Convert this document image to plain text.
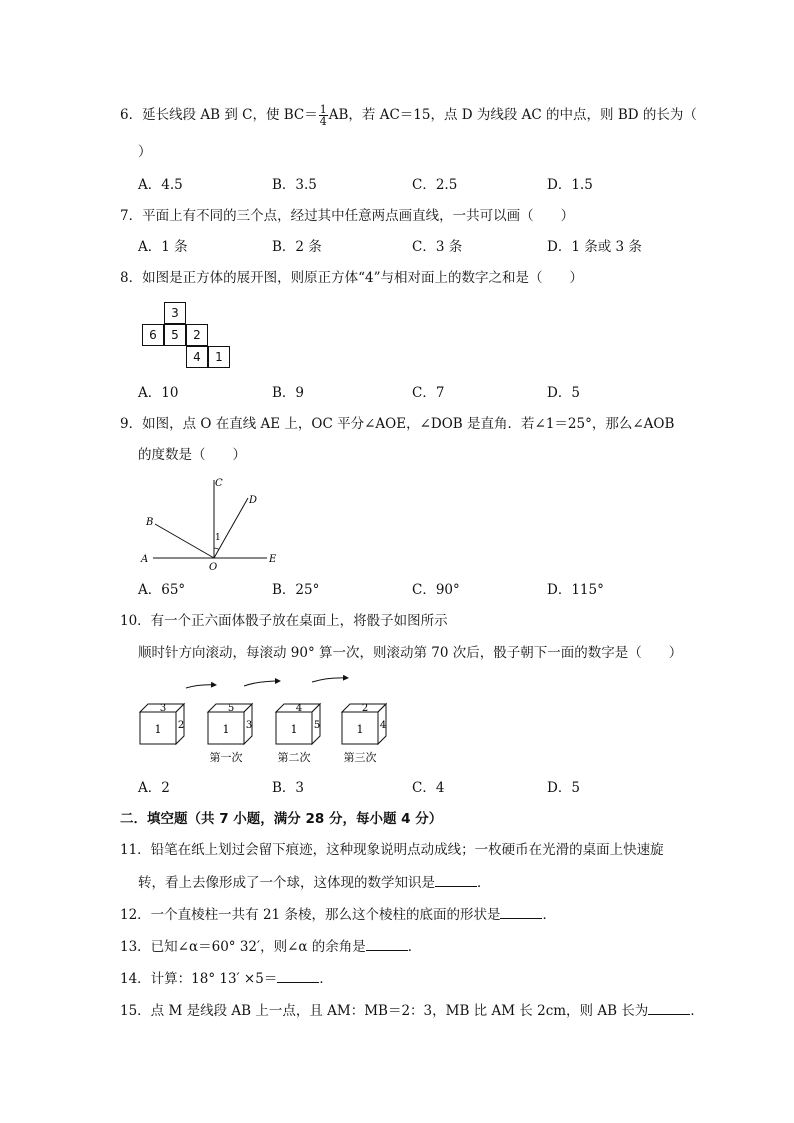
6．延长线段 AB 到 C，使 $BC= \frac{1}{4}$ AB，若 AC＝15，点 D 为线段 AC 的中点，则 BD 的长为（
）
A．4.5	B．3.5	C．2.5	D．1.5
7．平面上有不同的三个点，经过其中任意两点画直线，一共可以画（　　）
A．1 条	B．2 条	C．3 条	D．1 条或 3 条
8．如图是正方体的展开图，则原正方体“4”与相对面上的数字之和是（　　）
3
6	5	2
4	1
A．10	B．9	C．7	D．5
9．如图，点 O 在直线 AE 上，OC 平分∠AOE，∠DOB 是直角．若∠1＝25°，那么∠AOB
的度数是（　　）
A
B
C
D
E
O
1
A．65°	B．25°	C．90°	D．115°
10．有一个正六面体骰子放在桌面上，将骰子如图所示
顺时针方向滚动，每滚动 90° 算一次，则滚动第 70 次后，骰子朝下一面的数字是（　　）
3
1 2
5
1 3
4
1 5
2
1 4
第一次	第二次	第三次
A．2	B．3	C．4	D．5
二．填空题（共 7 小题，满分 28 分，每小题 4 分）
11．铅笔在纸上划过会留下痕迹，这种现象说明点动成线；一枚硬币在光滑的桌面上快速旋
转，看上去像形成了一个球，这体现的数学知识是	．
12．一个直棱柱一共有 21 条棱，那么这个棱柱的底面的形状是	．
13．已知∠α＝60° 32′，则∠α 的余角是	．
14．计算：18° 13′ ×5＝	．
15．点 M 是线段 AB 上一点，且 AM：MB＝2：3，MB 比 AM 长 2cm，则 AB 长为	．
